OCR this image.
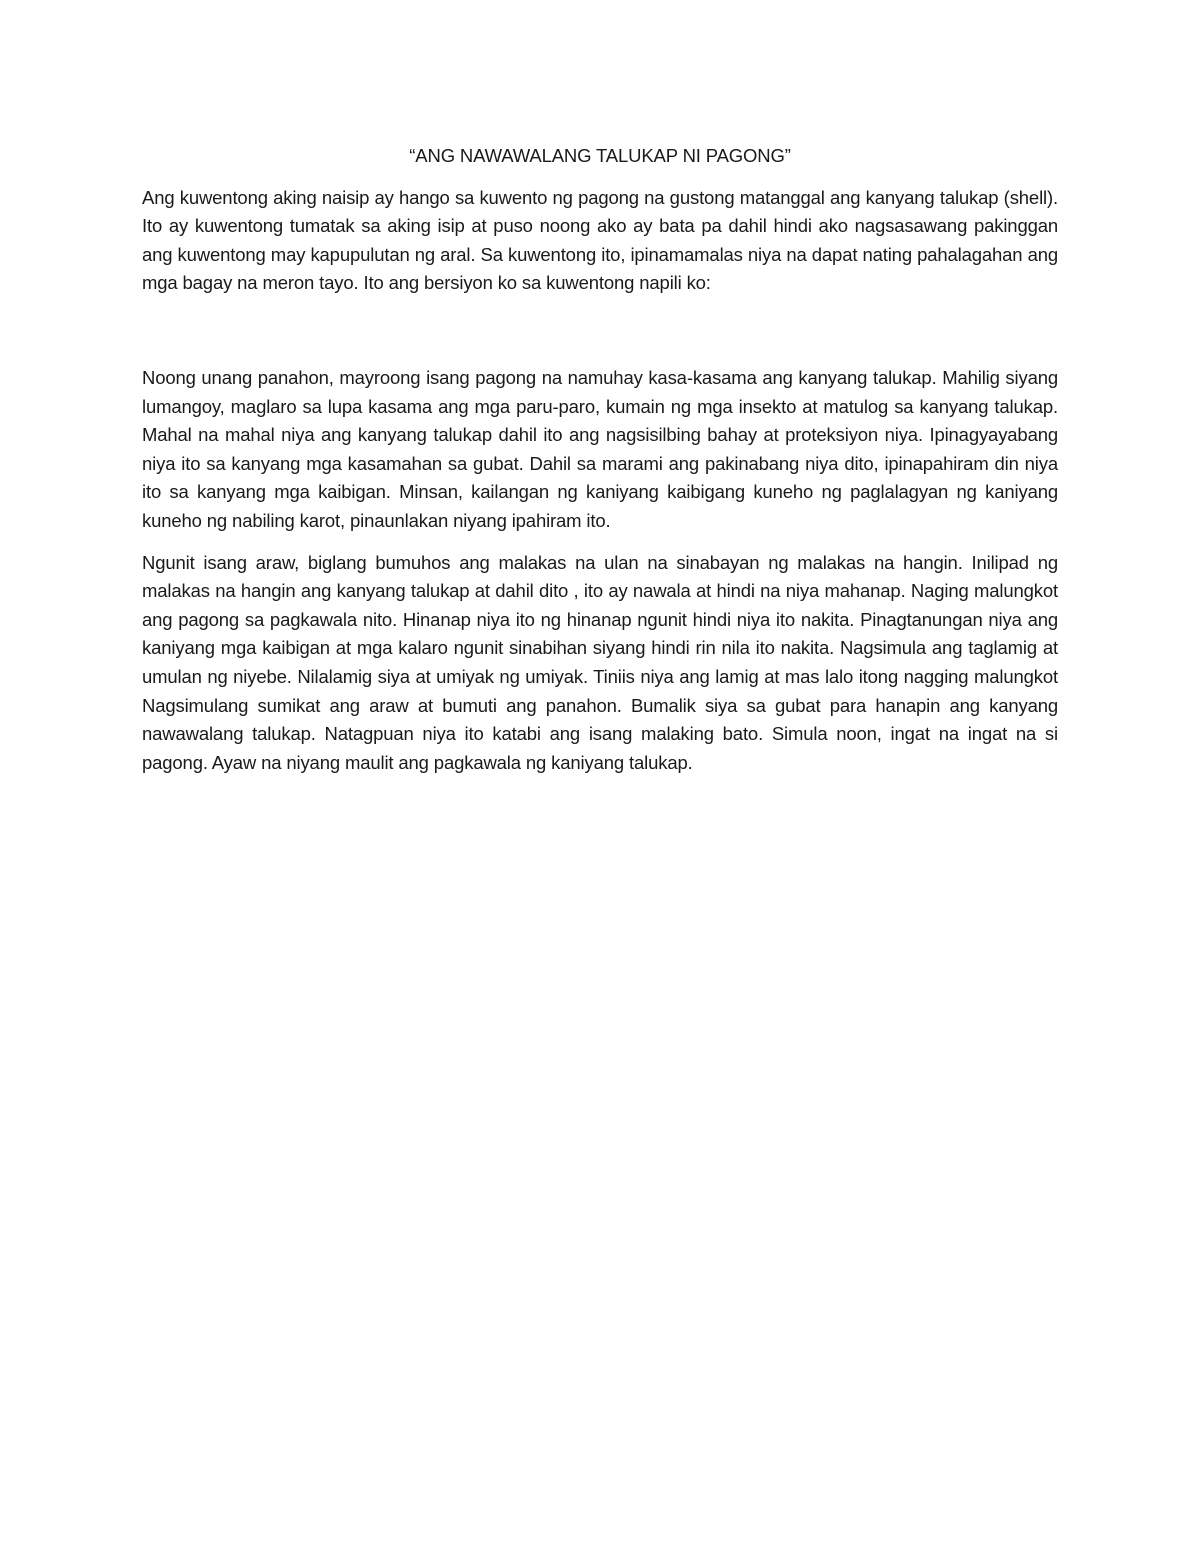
“ANG NAWAWALANG TALUKAP NI PAGONG”

Ang kuwentong aking naisip ay hango sa kuwento ng pagong na gustong matanggal ang kanyang talukap (shell). Ito ay kuwentong tumatak sa aking isip at puso noong ako ay bata pa dahil hindi ako nagsasawang pakinggan ang kuwentong may kapupulutan ng aral. Sa kuwentong ito, ipinamamalas niya na dapat nating pahalagahan ang mga bagay na meron tayo. Ito ang bersiyon ko sa kuwentong napili ko:

Noong unang panahon, mayroong isang pagong na namuhay kasa-kasama ang kanyang talukap. Mahilig siyang lumangoy, maglaro sa lupa kasama ang mga paru-paro, kumain ng mga insekto at matulog sa kanyang talukap. Mahal na mahal niya ang kanyang talukap dahil ito ang nagsisilbing bahay at proteksiyon niya. Ipinagyayabang niya ito sa kanyang mga kasamahan sa gubat. Dahil sa marami ang pakinabang niya dito, ipinapahiram din niya ito sa kanyang mga kaibigan. Minsan, kailangan ng kaniyang kaibigang kuneho ng paglalagyan ng kaniyang kuneho ng nabiling karot, pinaunlakan niyang ipahiram ito.

Ngunit isang araw, biglang bumuhos ang malakas na ulan na sinabayan ng malakas na hangin. Inilipad ng malakas na hangin ang kanyang talukap at dahil dito , ito ay nawala at hindi na niya mahanap. Naging malungkot ang pagong sa pagkawala nito. Hinanap niya ito ng hinanap ngunit hindi niya ito nakita. Pinagtanungan niya ang kaniyang mga kaibigan at mga kalaro ngunit sinabihan siyang hindi rin nila ito nakita. Nagsimula ang taglamig at umulan ng niyebe. Nilalamig siya at umiyak ng umiyak. Tiniis niya ang lamig at mas lalo itong nagging malungkot Nagsimulang sumikat ang araw at bumuti ang panahon. Bumalik siya sa gubat para hanapin ang kanyang nawawalang talukap. Natagpuan niya ito katabi ang isang malaking bato. Simula noon, ingat na ingat na si pagong. Ayaw na niyang maulit ang pagkawala ng kaniyang talukap.
